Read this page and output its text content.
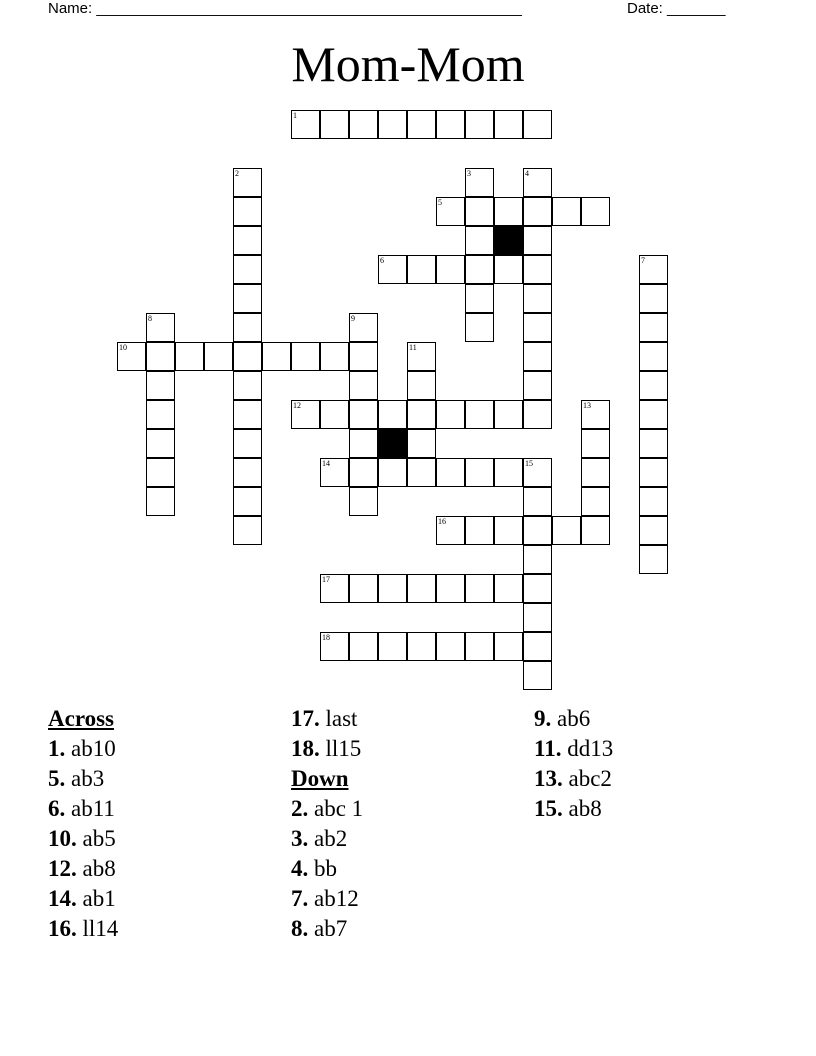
Name: ___________________________________________________	Date: _______
Mom-Mom
1
5
6
10
12
14	15
16
17
18
2	3	4
7
8	9
11
13
Across
1. ab10
5. ab3
6. ab11
10. ab5
12. ab8
14. ab1
16. ll14
17. last
18. ll15
Down
2. abc 1
3. ab2
4. bb
7. ab12
8. ab7
9. ab6
11. dd13
13. abc2
15. ab8
